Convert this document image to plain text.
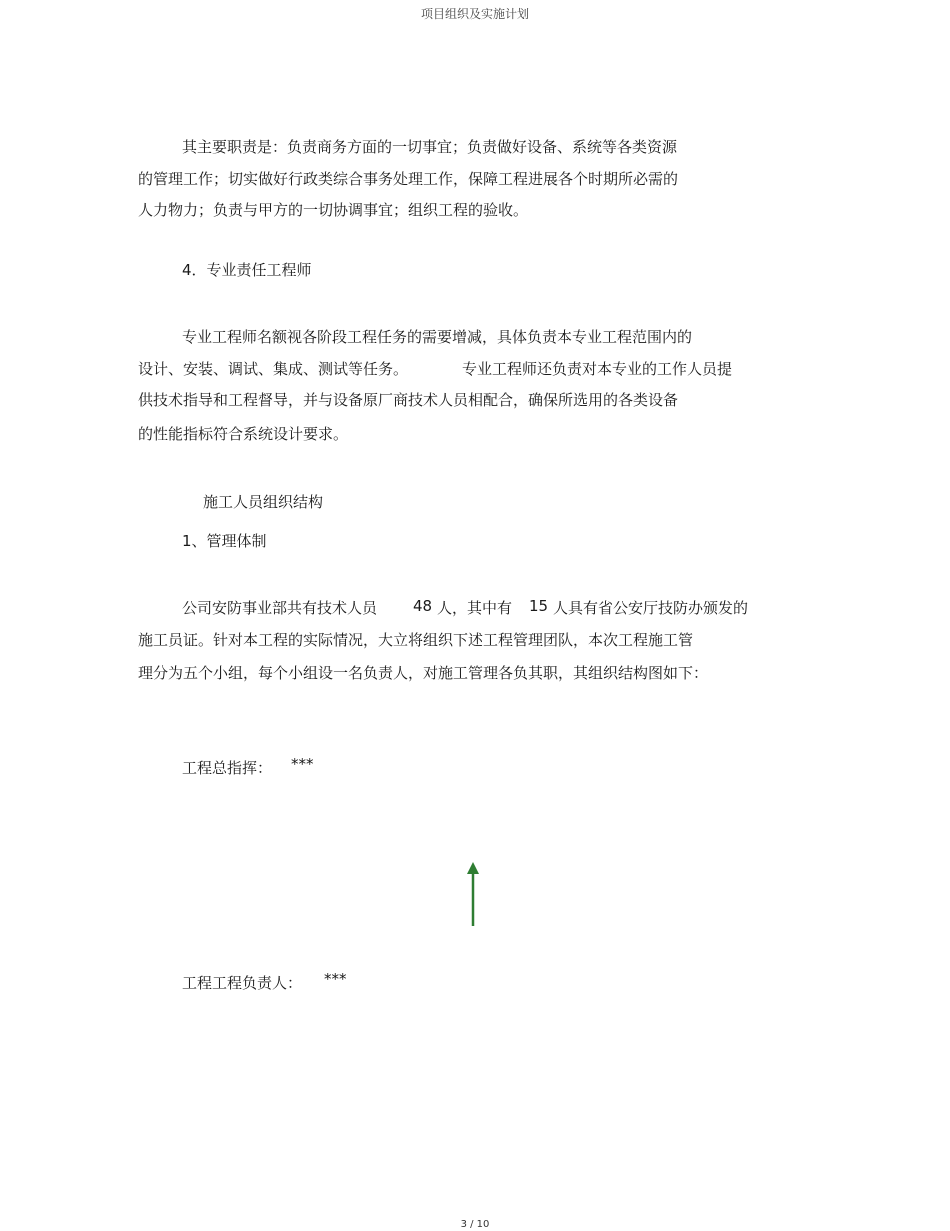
项目组织及实施计划
其主要职责是：负责商务方面的一切事宜；负责做好设备、系统等各类资源
的管理工作；切实做好行政类综合事务处理工作，保障工程进展各个时期所必需的
人力物力；负责与甲方的一切协调事宜；组织工程的验收。
4．专业责任工程师
专业工程师名额视各阶段工程任务的需要增减，具体负责本专业工程范围内的
设计、安装、调试、集成、测试等任务。	专业工程师还负责对本专业的工作人员提
供技术指导和工程督导，并与设备原厂商技术人员相配合，确保所选用的各类设备
的性能指标符合系统设计要求。
施工人员组织结构
1、管理体制
公司安防事业部共有技术人员 48 人，其中有 15 人具有省公安厅技防办颁发的
施工员证。针对本工程的实际情况，大立将组织下述工程管理团队，本次工程施工管
理分为五个小组，每个小组设一名负责人，对施工管理各负其职，其组织结构图如下：
工程总指挥： ***
工程工程负责人： ***
3 / 10
